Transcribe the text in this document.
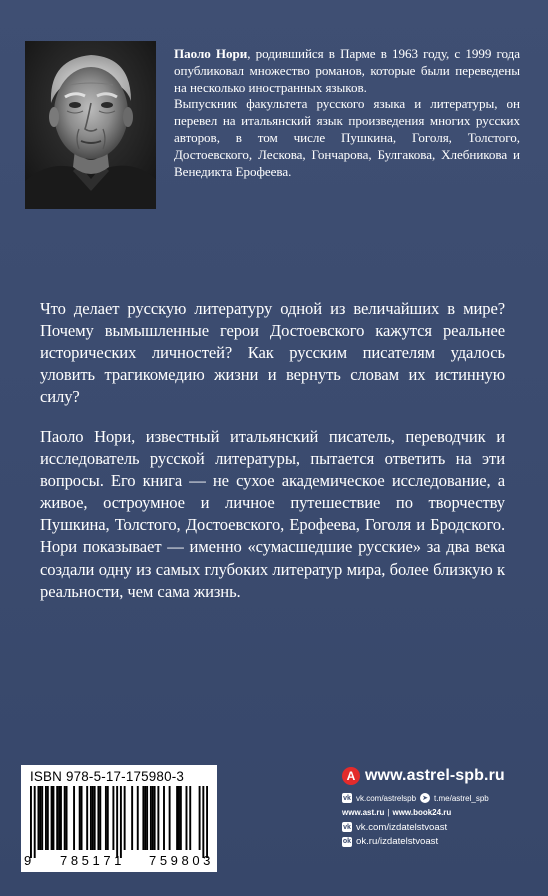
Паоло Нори, родившийся в Парме в 1963 году, с 1999 года опубликовал множество романов, которые были переведены на несколько иностранных языков.

Выпускник факультета русского языка и литературы, он перевел на итальянский язык произведения многих русских авторов, в том числе Пушкина, Гоголя, Толстого, Достоевского, Лескова, Гончарова, Булгакова, Хлебникова и Венедикта Ерофеева.

Что делает русскую литературу одной из величайших в мире? Почему вымышленные герои Достоевского кажутся реальнее исторических личностей? Как русским писателям удалось уловить трагикомедию жизни и вернуть словам их истинную силу?

Паоло Нори, известный итальянский писатель, переводчик и исследователь русской литературы, пытается ответить на эти вопросы. Его книга — не сухое академическое исследование, а живое, остроумное и личное путешествие по творчеству Пушкина, Толстого, Достоевского, Ерофеева, Гоголя и Бродского. Нори показывает — именно «сумасшедшие русские» за два века создали одну из самых глубоких литератур мира, более близкую к реальности, чем сама жизнь.

ISBN 978-5-17-175980-3
9	785171 759803
А www.astrel-spb.ru
vk vk.com/astrelspb ➤ t.me/astrel_spb
www.ast.ru | www.book24.ru
vk vk.com/izdatelstvoast
ok ok.ru/izdatelstvoast
